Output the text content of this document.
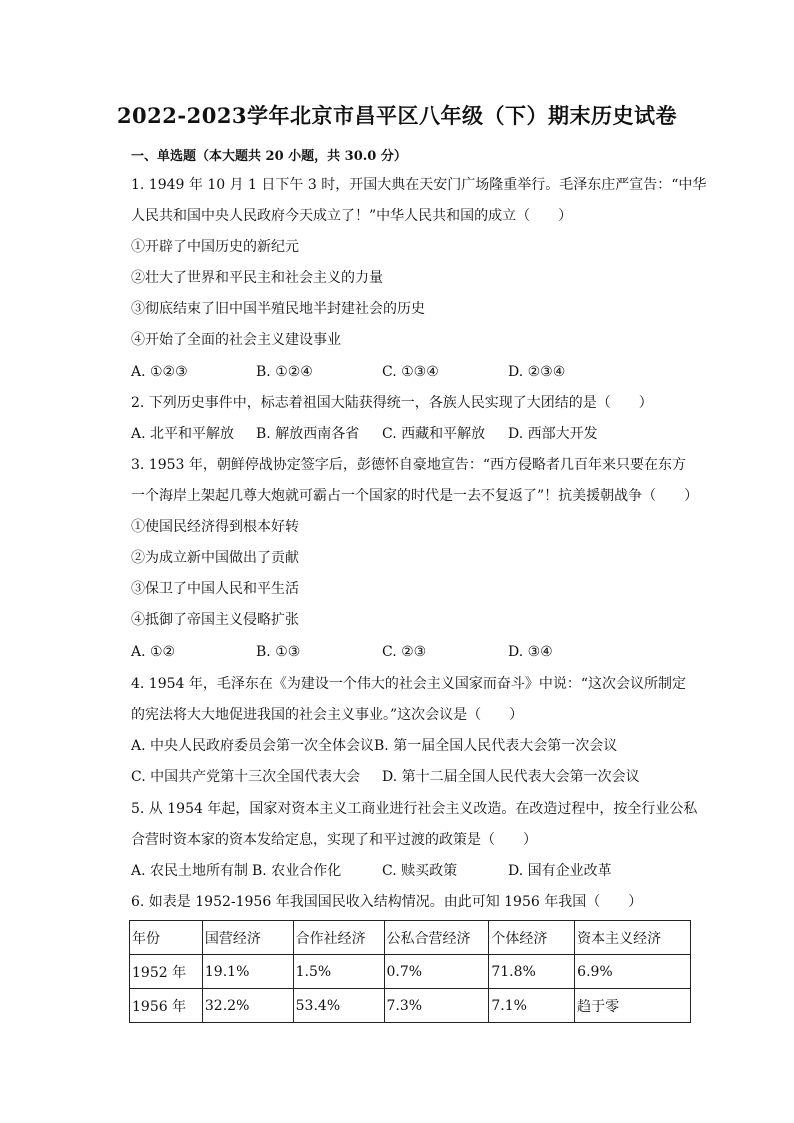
2022-2023学年北京市昌平区八年级（下）期末历史试卷
一、单选题（本大题共 20 小题，共 30.0 分）
1. 1949 年 10 月 1 日下午 3 时，开国大典在天安门广场隆重举行。毛泽东庄严宣告：“中华
人民共和国中央人民政府今天成立了！”中华人民共和国的成立（　　）
①开辟了中国历史的新纪元
②壮大了世界和平民主和社会主义的力量
③彻底结束了旧中国半殖民地半封建社会的历史
④开始了全面的社会主义建设事业
A. ①②③	B. ①②④	C. ①③④	D. ②③④
2. 下列历史事件中，标志着祖国大陆获得统一，各族人民实现了大团结的是（　　）
A. 北平和平解放 B. 解放西南各省 C. 西藏和平解放 D. 西部大开发
3. 1953 年，朝鲜停战协定签字后，彭德怀自豪地宣告：“西方侵略者几百年来只要在东方
一个海岸上架起几尊大炮就可霸占一个国家的时代是一去不复返了”！抗美援朝战争（　　）
①使国民经济得到根本好转
②为成立新中国做出了贡献
③保卫了中国人民和平生活
④抵御了帝国主义侵略扩张
A. ①②	B. ①③	C. ②③	D. ③④
4. 1954 年，毛泽东在《为建设一个伟大的社会主义国家而奋斗》中说：“这次会议所制定
的宪法将大大地促进我国的社会主义事业。”这次会议是（　　）
A. 中央人民政府委员会第一次全体会议 B. 第一届全国人民代表大会第一次会议
C. 中国共产党第十三次全国代表大会 D. 第十二届全国人民代表大会第一次会议
5. 从 1954 年起，国家对资本主义工商业进行社会主义改造。在改造过程中，按全行业公私
合营时资本家的资本发给定息，实现了和平过渡的政策是（　　）
A. 农民土地所有制 B. 农业合作化	C. 赎买政策	D. 国有企业改革
6. 如表是 1952-1956 年我国国民收入结构情况。由此可知 1956 年我国（　　）
年份	国营经济	合作社经济	公私合营经济	个体经济	资本主义经济
1952 年	19.1%	1.5%	0.7%	71.8%	6.9%
1956 年	32.2%	53.4%	7.3%	7.1%	趋于零
